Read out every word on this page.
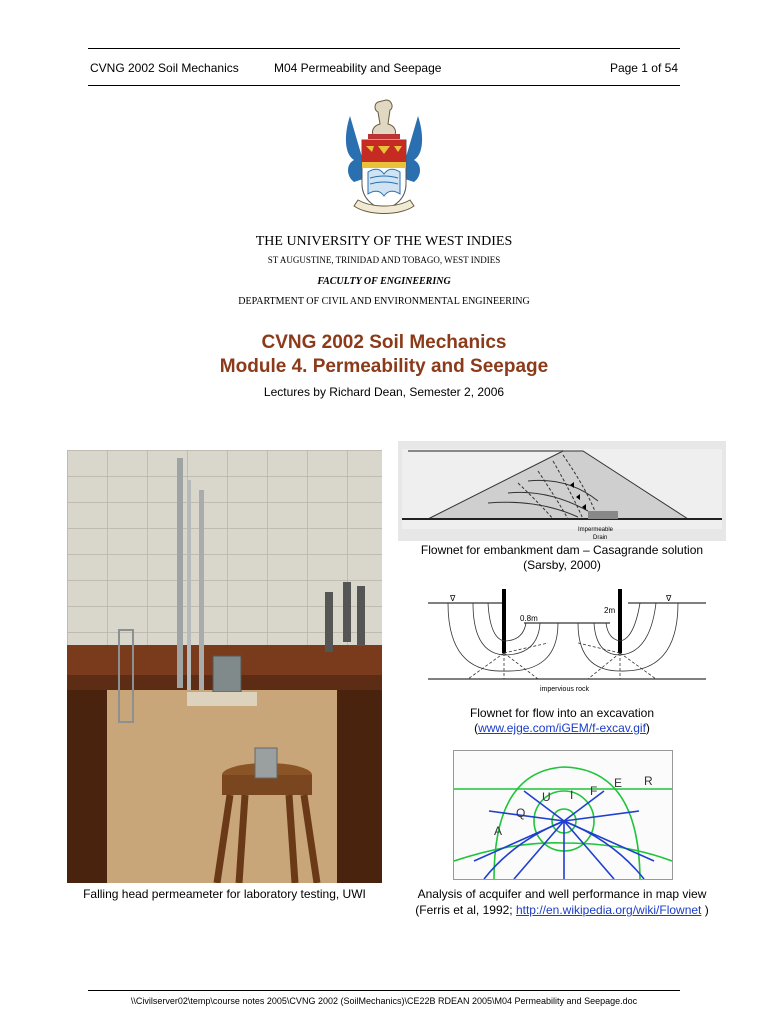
CVNG 2002 Soil Mechanics	M04 Permeability and Seepage	Page 1 of 54
THE UNIVERSITY OF THE WEST INDIES
ST AUGUSTINE, TRINIDAD AND TOBAGO, WEST INDIES
FACULTY OF ENGINEERING
DEPARTMENT OF CIVIL AND ENVIRONMENTAL ENGINEERING
CVNG 2002 Soil Mechanics
Module 4. Permeability and Seepage
Lectures by Richard Dean, Semester 2, 2006
Falling head permeameter for laboratory testing, UWI
Impermeable
Drain
Flownet for embankment dam – Casagrande solution
(Sarsby, 2000)
∇	∇
0.8m
2m
impervious rock
Flownet for flow into an excavation
(www.ejge.com/iGEM/f-excav.gif)
A
Q
U I F
E R
Analysis of acquifer and well performance in map view
(Ferris et al, 1992; http://en.wikipedia.org/wiki/Flownet )
\\Civilserver02\temp\course notes 2005\CVNG 2002 (SoilMechanics)\CE22B RDEAN 2005\M04 Permeability and Seepage.doc
